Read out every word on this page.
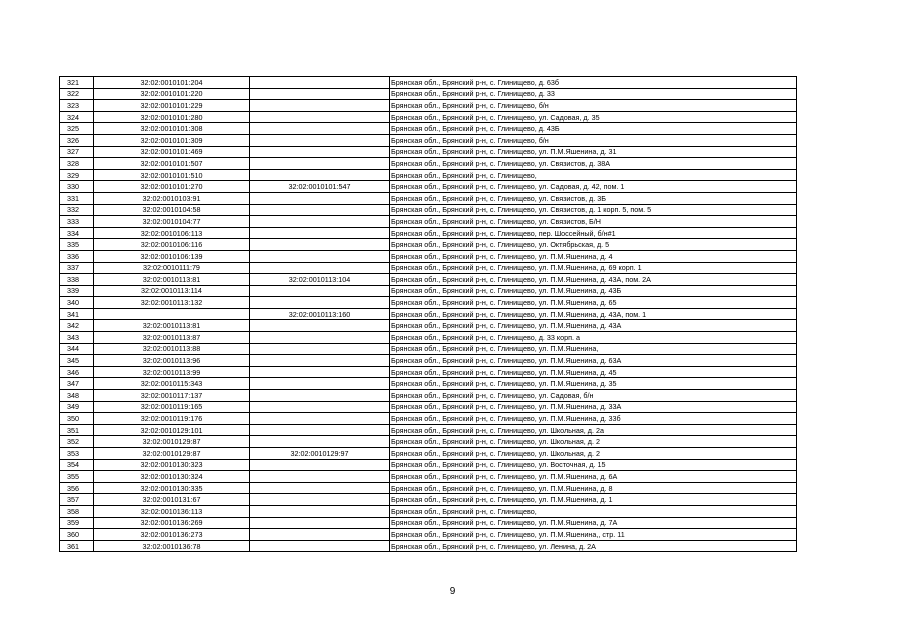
321	32:02:0010101:204		Брянская обл., Брянский р-н, с. Глинищево, д. 63б
322	32:02:0010101:220		Брянская обл., Брянский р-н, с. Глинищево, д. 33
323	32:02:0010101:229		Брянская обл., Брянский р-н, с. Глинищево, б/н
324	32:02:0010101:280		Брянская обл., Брянский р-н, с. Глинищево, ул. Садовая, д. 35
325	32:02:0010101:308		Брянская обл., Брянский р-н, с. Глинищево, д. 43Б
326	32:02:0010101:309		Брянская обл., Брянский р-н, с. Глинищево, б/н
327	32:02:0010101:469		Брянская обл., Брянский р-н, с. Глинищево, ул. П.М.Яшенина, д. 31
328	32:02:0010101:507		Брянская обл., Брянский р-н, с. Глинищево, ул. Связистов, д. 38А
329	32:02:0010101:510		Брянская обл., Брянский р-н, с. Глинищево,
330	32:02:0010101:270	32:02:0010101:547	Брянская обл., Брянский р-н, с. Глинищево, ул. Садовая, д. 42, пом. 1
331	32:02:0010103:91		Брянская обл., Брянский р-н, с. Глинищево, ул. Связистов, д. 3Б
332	32:02:0010104:58		Брянская обл., Брянский р-н, с. Глинищево, ул. Связистов, д. 1 корп. 5, пом. 5
333	32:02:0010104:77		Брянская обл., Брянский р-н, с. Глинищево, ул. Связистов, Б/Н
334	32:02:0010106:113		Брянская обл., Брянский р-н, с. Глинищево, пер. Шоссейный, б/н#1
335	32:02:0010106:116		Брянская обл., Брянский р-н, с. Глинищево, ул. Октябрьская, д. 5
336	32:02:0010106:139		Брянская обл., Брянский р-н, с. Глинищево, ул. П.М.Яшенина, д. 4
337	32:02:0010111:79		Брянская обл., Брянский р-н, с. Глинищево, ул. П.М.Яшенина, д. 69 корп. 1
338	32:02:0010113:81	32:02:0010113:104	Брянская обл., Брянский р-н, с. Глинищево, ул. П.М.Яшенина, д. 43А, пом. 2А
339	32:02:0010113:114		Брянская обл., Брянский р-н, с. Глинищево, ул. П.М.Яшенина, д. 43Б
340	32:02:0010113:132		Брянская обл., Брянский р-н, с. Глинищево, ул. П.М.Яшенина, д. 65
341		32:02:0010113:160	Брянская обл., Брянский р-н, с. Глинищево, ул. П.М.Яшенина, д. 43А, пом. 1
342	32:02:0010113:81		Брянская обл., Брянский р-н, с. Глинищево, ул. П.М.Яшенина, д. 43А
343	32:02:0010113:87		Брянская обл., Брянский р-н, с. Глинищево, д. 33 корп. а
344	32:02:0010113:88		Брянская обл., Брянский р-н, с. Глинищево, ул. П.М.Яшенина,
345	32:02:0010113:96		Брянская обл., Брянский р-н, с. Глинищево, ул. П.М.Яшенина, д. 63А
346	32:02:0010113:99		Брянская обл., Брянский р-н, с. Глинищево, ул. П.М.Яшенина, д. 45
347	32:02:0010115:343		Брянская обл., Брянский р-н, с. Глинищево, ул. П.М.Яшенина, д. 35
348	32:02:0010117:137		Брянская обл., Брянский р-н, с. Глинищево, ул. Садовая, б/н
349	32:02:0010119:165		Брянская обл., Брянский р-н, с. Глинищево, ул. П.М.Яшенина, д. 33А
350	32:02:0010119:176		Брянская обл., Брянский р-н, с. Глинищево, ул. П.М.Яшенина, д. 33б
351	32:02:0010129:101		Брянская обл., Брянский р-н, с. Глинищево, ул. Школьная, д. 2а
352	32:02:0010129:87		Брянская обл., Брянский р-н, с. Глинищево, ул. Школьная, д. 2
353	32:02:0010129:87	32:02:0010129:97	Брянская обл., Брянский р-н, с. Глинищево, ул. Школьная, д. 2
354	32:02:0010130:323		Брянская обл., Брянский р-н, с. Глинищево, ул. Восточная, д. 15
355	32:02:0010130:324		Брянская обл., Брянский р-н, с. Глинищево, ул. П.М.Яшенина, д. 6А
356	32:02:0010130:335		Брянская обл., Брянский р-н, с. Глинищево, ул. П.М.Яшенина, д. 8
357	32:02:0010131:67		Брянская обл., Брянский р-н, с. Глинищево, ул. П.М.Яшенина, д. 1
358	32:02:0010136:113		Брянская обл., Брянский р-н, с. Глинищево,
359	32:02:0010136:269		Брянская обл., Брянский р-н, с. Глинищево, ул. П.М.Яшенина, д. 7А
360	32:02:0010136:273		Брянская обл., Брянский р-н, с. Глинищево, ул. П.М.Яшенина,, стр. 11
361	32:02:0010136:78		Брянская обл., Брянский р-н, с. Глинищево, ул. Ленина, д. 2А
9
